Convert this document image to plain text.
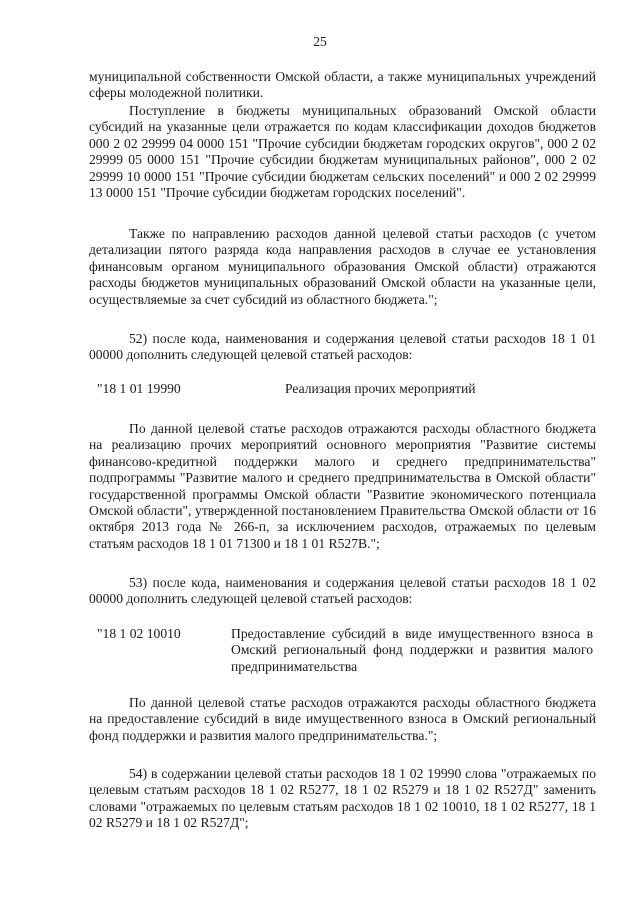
25
муниципальной собственности Омской области, а также муниципальных учреждений сферы молодежной политики.
Поступление в бюджеты муниципальных образований Омской области субсидий на указанные цели отражается по кодам классификации доходов бюджетов 000 2 02 29999 04 0000 151 "Прочие субсидии бюджетам городских округов", 000 2 02 29999 05 0000 151 "Прочие субсидии бюджетам муниципальных районов", 000 2 02 29999 10 0000 151 "Прочие субсидии бюджетам сельских поселений" и 000 2 02 29999 13 0000 151 "Прочие субсидии бюджетам городских поселений".
Также по направлению расходов данной целевой статьи расходов (с учетом детализации пятого разряда кода направления расходов в случае ее установления финансовым органом муниципального образования Омской области) отражаются расходы бюджетов муниципальных образований Омской области на указанные цели, осуществляемые за счет субсидий из областного бюджета.";
52) после кода, наименования и содержания целевой статьи расходов 18 1 01 00000 дополнить следующей целевой статьей расходов:
"18 1 01 19990	Реализация прочих мероприятий
По данной целевой статье расходов отражаются расходы областного бюджета на реализацию прочих мероприятий основного мероприятия "Развитие системы финансово-кредитной поддержки малого и среднего предпринимательства" подпрограммы "Развитие малого и среднего предпринимательства в Омской области" государственной программы Омской области "Развитие экономического потенциала Омской области", утвержденной постановлением Правительства Омской области от 16 октября 2013 года № 266-п, за исключением расходов, отражаемых по целевым статьям расходов 18 1 01 71300 и 18 1 01 R527В.";
53) после кода, наименования и содержания целевой статьи расходов 18 1 02 00000 дополнить следующей целевой статьей расходов:
"18 1 02 10010	Предоставление субсидий в виде имущественного взноса в Омский региональный фонд поддержки и развития малого предпринимательства
По данной целевой статье расходов отражаются расходы областного бюджета на предоставление субсидий в виде имущественного взноса в Омский региональный фонд поддержки и развития малого предпринимательства.";
54) в содержании целевой статьи расходов 18 1 02 19990 слова "отражаемых по целевым статьям расходов 18 1 02 R5277, 18 1 02 R5279 и 18 1 02 R527Д" заменить словами "отражаемых по целевым статьям расходов 18 1 02 10010, 18 1 02 R5277, 18 1 02 R5279 и 18 1 02 R527Д";
